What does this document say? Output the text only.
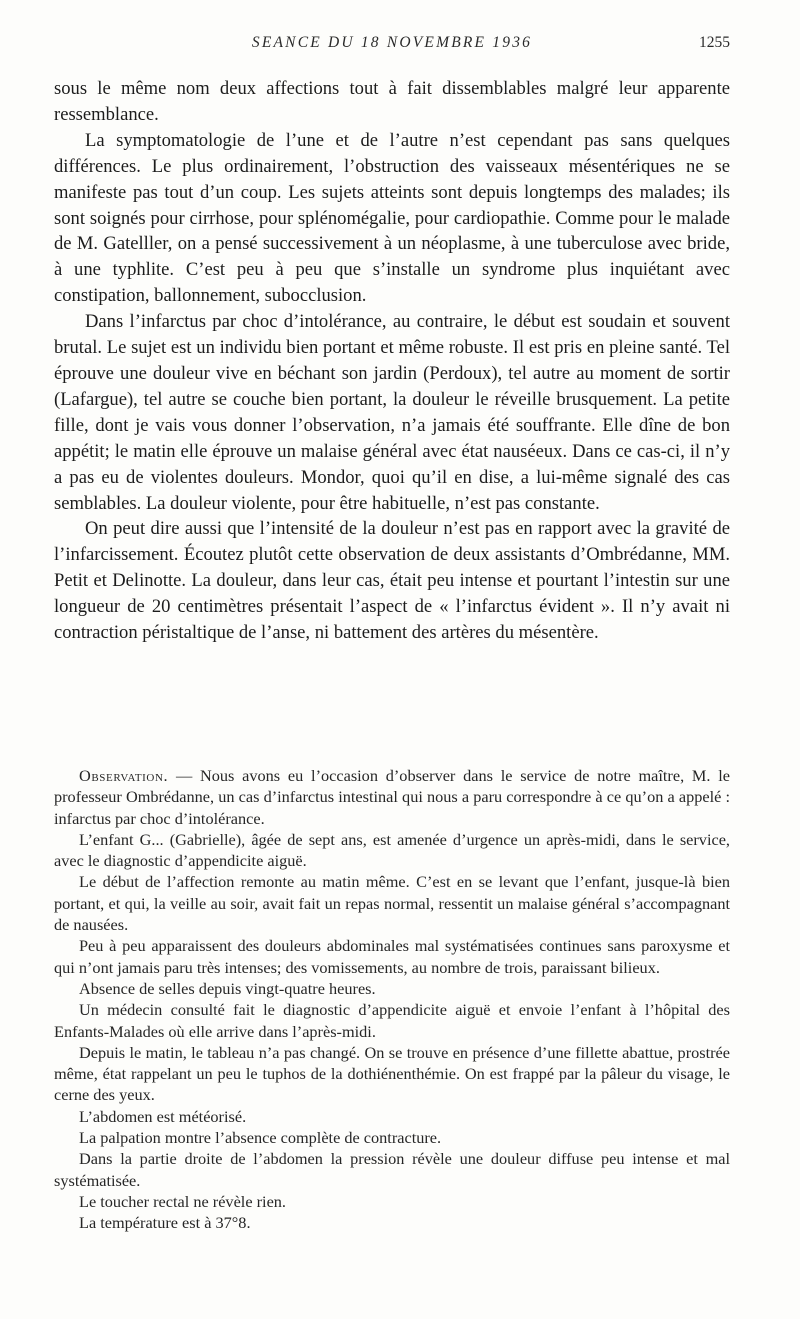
SEANCE DU 18 NOVEMBRE 1936	1255

sous le même nom deux affections tout à fait dissemblables malgré leur apparente ressemblance.

La symptomatologie de l’une et de l’autre n’est cependant pas sans quelques différences. Le plus ordinairement, l’obstruction des vaisseaux mésentériques ne se manifeste pas tout d’un coup. Les sujets atteints sont depuis longtemps des malades; ils sont soignés pour cirrhose, pour splénomégalie, pour cardiopathie. Comme pour le malade de M. Gatelller, on a pensé successivement à un néoplasme, à une tuberculose avec bride, à une typhlite. C’est peu à peu que s’installe un syndrome plus inquiétant avec constipation, ballonnement, subocclusion.

Dans l’infarctus par choc d’intolérance, au contraire, le début est soudain et souvent brutal. Le sujet est un individu bien portant et même robuste. Il est pris en pleine santé. Tel éprouve une douleur vive en béchant son jardin (Perdoux), tel autre au moment de sortir (Lafargue), tel autre se couche bien portant, la douleur le réveille brusquement. La petite fille, dont je vais vous donner l’observation, n’a jamais été souffrante. Elle dîne de bon appétit; le matin elle éprouve un malaise général avec état nauséeux. Dans ce cas-ci, il n’y a pas eu de violentes douleurs. Mondor, quoi qu’il en dise, a lui-même signalé des cas semblables. La douleur violente, pour être habituelle, n’est pas constante.

On peut dire aussi que l’intensité de la douleur n’est pas en rapport avec la gravité de l’infarcissement. Écoutez plutôt cette observation de deux assistants d’Ombrédanne, MM. Petit et Delinotte. La douleur, dans leur cas, était peu intense et pourtant l’intestin sur une longueur de 20 centimètres présentait l’aspect de « l’infarctus évident ». Il n’y avait ni contraction péristaltique de l’anse, ni battement des artères du mésentère.

Observation. — Nous avons eu l’occasion d’observer dans le service de notre maître, M. le professeur Ombrédanne, un cas d’infarctus intestinal qui nous a paru correspondre à ce qu’on a appelé : infarctus par choc d’intolérance.

L’enfant G... (Gabrielle), âgée de sept ans, est amenée d’urgence un après-midi, dans le service, avec le diagnostic d’appendicite aiguë.

Le début de l’affection remonte au matin même. C’est en se levant que l’enfant, jusque-là bien portant, et qui, la veille au soir, avait fait un repas normal, ressentit un malaise général s’accompagnant de nausées.

Peu à peu apparaissent des douleurs abdominales mal systématisées continues sans paroxysme et qui n’ont jamais paru très intenses; des vomissements, au nombre de trois, paraissant bilieux.

Absence de selles depuis vingt-quatre heures.

Un médecin consulté fait le diagnostic d’appendicite aiguë et envoie l’enfant à l’hôpital des Enfants-Malades où elle arrive dans l’après-midi.

Depuis le matin, le tableau n’a pas changé. On se trouve en présence d’une fillette abattue, prostrée même, état rappelant un peu le tuphos de la dothiénenthémie. On est frappé par la pâleur du visage, le cerne des yeux.

L’abdomen est météorisé.

La palpation montre l’absence complète de contracture.

Dans la partie droite de l’abdomen la pression révèle une douleur diffuse peu intense et mal systématisée.

Le toucher rectal ne révèle rien.

La température est à 37°8.
